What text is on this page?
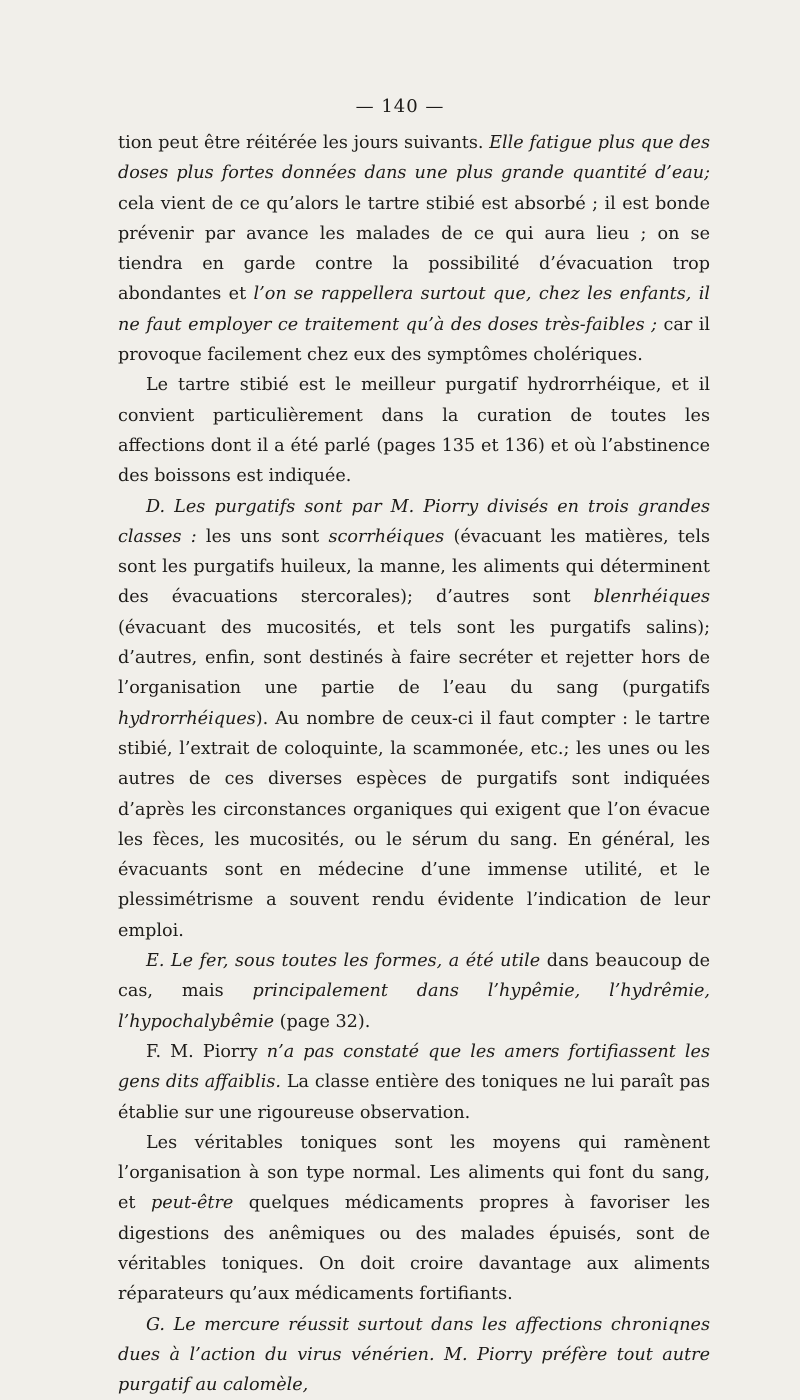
— 140 —

tion peut être réitérée les jours suivants. Elle fatigue plus que des doses plus fortes données dans une plus grande quantité d’eau; cela vient de ce qu’alors le tartre stibié est absorbé ; il est bonde prévenir par avance les malades de ce qui aura lieu ; on se tiendra en garde contre la possibilité d’évacuation trop abondantes et l’on se rappellera surtout que, chez les enfants, il ne faut employer ce traitement qu’à des doses très-faibles ; car il provoque facilement chez eux des symptômes cholériques.

Le tartre stibié est le meilleur purgatif hydrorrhéique, et il convient particulièrement dans la curation de toutes les affections dont il a été parlé (pages 135 et 136) et où l’abstinence des boissons est indiquée.

D. Les purgatifs sont par M. Piorry divisés en trois grandes classes : les uns sont scorrhéiques (évacuant les matières, tels sont les purgatifs huileux, la manne, les aliments qui déterminent des évacuations stercorales); d’autres sont blenrhéiques (évacuant des mucosités, et tels sont les purgatifs salins); d’autres, enfin, sont destinés à faire secréter et rejetter hors de l’organisation une partie de l’eau du sang (purgatifs hydrorrhéiques). Au nombre de ceux-ci il faut compter : le tartre stibié, l’extrait de coloquinte, la scammonée, etc.; les unes ou les autres de ces diverses espèces de purgatifs sont indiquées d’après les circonstances organiques qui exigent que l’on évacue les fèces, les mucosités, ou le sérum du sang. En général, les évacuants sont en médecine d’une immense utilité, et le plessimétrisme a souvent rendu évidente l’indication de leur emploi.

E. Le fer, sous toutes les formes, a été utile dans beaucoup de cas, mais principalement dans l’hypêmie, l’hydrêmie, l’hypochalybêmie (page 32).

F. M. Piorry n’a pas constaté que les amers fortifiassent les gens dits affaiblis. La classe entière des toniques ne lui paraît pas établie sur une rigoureuse observation.

Les véritables toniques sont les moyens qui ramènent l’organisation à son type normal. Les aliments qui font du sang, et peut-être quelques médicaments propres à favoriser les digestions des anêmiques ou des malades épuisés, sont de véritables toniques. On doit croire davantage aux aliments réparateurs qu’aux médicaments fortifiants.

G. Le mercure réussit surtout dans les affections chroniqnes dues à l’action du virus vénérien. M. Piorry préfère tout autre purgatif au calomèle,
